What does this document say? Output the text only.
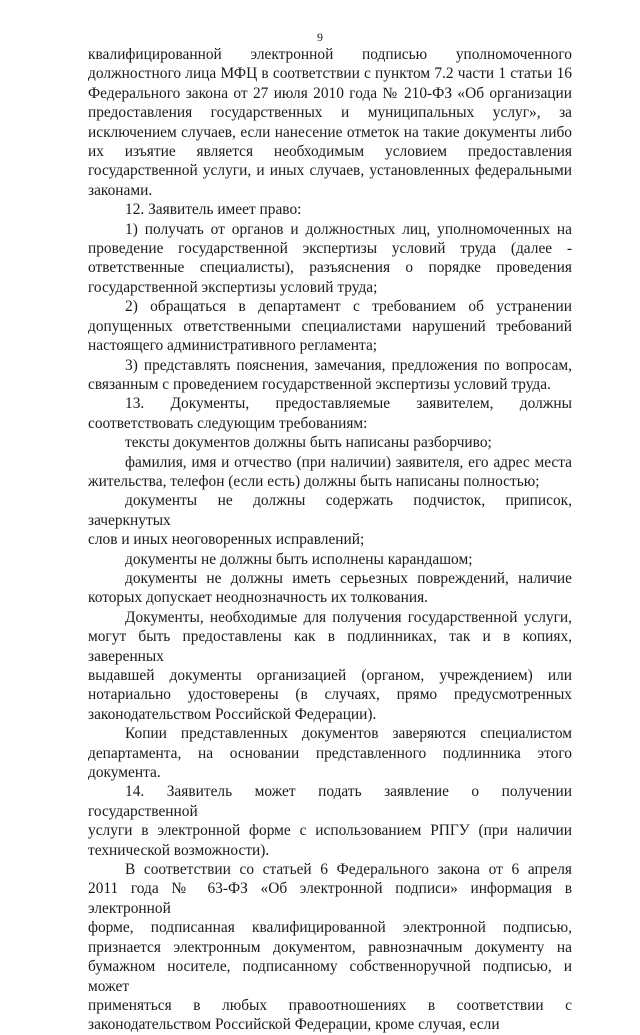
9
квалифицированной электронной подписью уполномоченного
должностного лица МФЦ в соответствии с пунктом 7.2 части 1 статьи 16
Федерального закона от 27 июля 2010 года № 210-ФЗ «Об организации
предоставления государственных и муниципальных услуг», за
исключением случаев, если нанесение отметок на такие документы либо
их изъятие является необходимым условием предоставления
государственной услуги, и иных случаев, установленных федеральными
законами.
12. Заявитель имеет право:
1) получать от органов и должностных лиц, уполномоченных на
проведение государственной экспертизы условий труда (далее -
ответственные специалисты), разъяснения о порядке проведения
государственной экспертизы условий труда;
2) обращаться в департамент с требованием об устранении
допущенных ответственными специалистами нарушений требований
настоящего административного регламента;
3) представлять пояснения, замечания, предложения по вопросам,
связанным с проведением государственной экспертизы условий труда.
13. Документы, предоставляемые заявителем, должны
соответствовать следующим требованиям:
тексты документов должны быть написаны разборчиво;
фамилия, имя и отчество (при наличии) заявителя, его адрес места
жительства, телефон (если есть) должны быть написаны полностью;
документы не должны содержать подчисток, приписок, зачеркнутых
слов и иных неоговоренных исправлений;
документы не должны быть исполнены карандашом;
документы не должны иметь серьезных повреждений, наличие
которых допускает неоднозначность их толкования.
Документы, необходимые для получения государственной услуги,
могут быть предоставлены как в подлинниках, так и в копиях, заверенных
выдавшей документы организацией (органом, учреждением) или
нотариально удостоверены (в случаях, прямо предусмотренных
законодательством Российской Федерации).
Копии представленных документов заверяются специалистом
департамента, на основании представленного подлинника этого документа.
14. Заявитель может подать заявление о получении государственной
услуги в электронной форме с использованием РПГУ (при наличии
технической возможности).
В соответствии со статьей 6 Федерального закона от 6 апреля
2011 года № 63-ФЗ «Об электронной подписи» информация в электронной
форме, подписанная квалифицированной электронной подписью,
признается электронным документом, равнозначным документу на
бумажном носителе, подписанному собственноручной подписью, и может
применяться в любых правоотношениях в соответствии с
законодательством Российской Федерации, кроме случая, если
